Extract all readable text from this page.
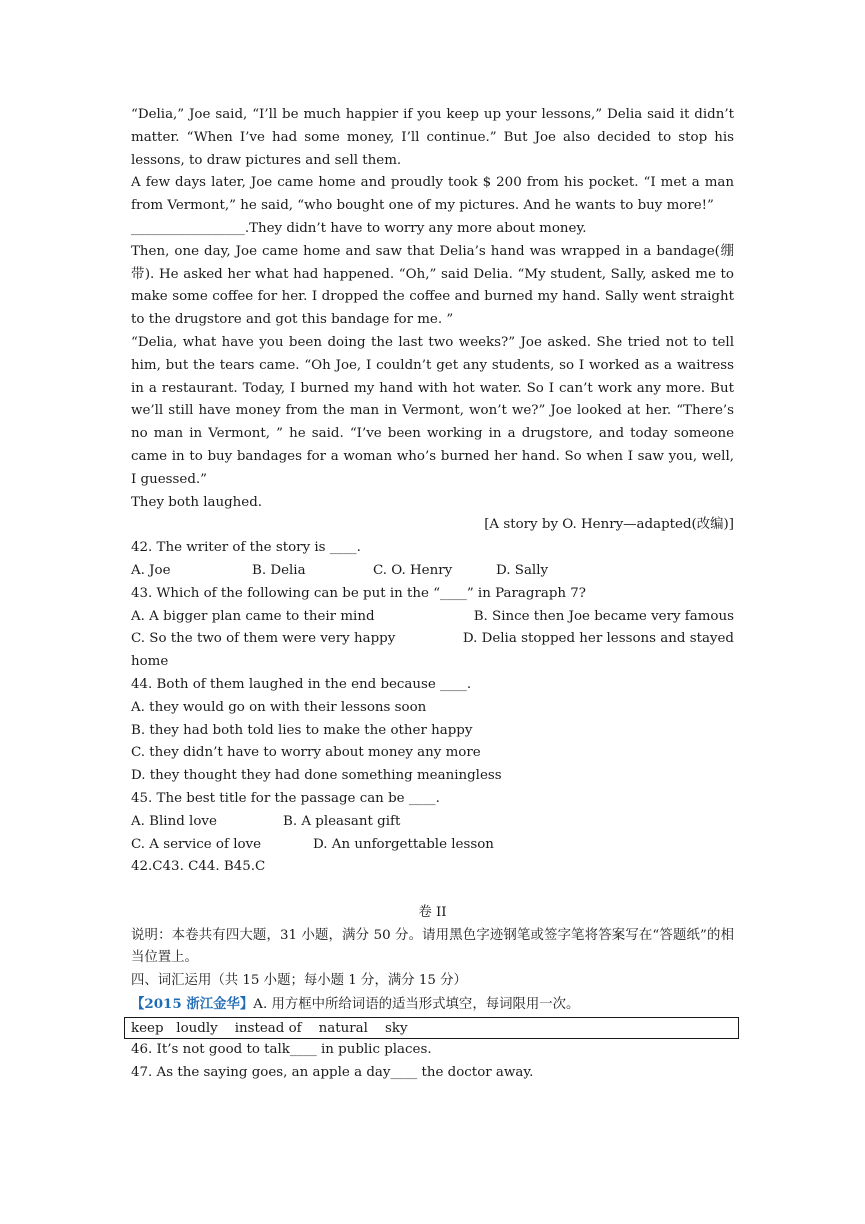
“Delia,” Joe said, “I’ll be much happier if you keep up your lessons,” Delia said it didn’t matter. “When I’ve had some money, I’ll continue.” But Joe also decided to stop his lessons, to draw pictures and sell them.

A few days later, Joe came home and proudly took $ 200 from his pocket. “I met a man from Vermont,” he said, “who bought one of my pictures. And he wants to buy more!”

_________________.They didn’t have to worry any more about money.

Then, one day, Joe came home and saw that Delia’s hand was wrapped in a bandage(绷带). He asked her what had happened. “Oh,” said Delia. “My student, Sally, asked me to make some coffee for her. I dropped the coffee and burned my hand. Sally went straight to the drugstore and got this bandage for me. ”

“Delia, what have you been doing the last two weeks?” Joe asked. She tried not to tell him, but the tears came. “Oh Joe, I couldn’t get any students, so I worked as a waitress in a restaurant. Today, I burned my hand with hot water. So I can’t work any more. But we’ll still have money from the man in Vermont, won’t we?” Joe looked at her. “There’s no man in Vermont, ” he said. “I’ve been working in a drugstore, and today someone came in to buy bandages for a woman who’s burned her hand. So when I saw you, well, I guessed.”

They both laughed.

[A story by O. Henry—adapted(改编)]

42. The writer of the story is ____.

A. Joe	B. Delia	C. O. Henry	D. Sally

43. Which of the following can be put in the “____” in Paragraph 7?

A. A bigger plan came to their mind	B. Since then Joe became very famous
C. So the two of them were very happy	D. Delia stopped her lessons and stayed

home

44. Both of them laughed in the end because ____.

A. they would go on with their lessons soon

B. they had both told lies to make the other happy

C. they didn’t have to worry about money any more

D. they thought they had done something meaningless

45. The best title for the passage can be ____.

A. Blind love	B. A pleasant gift
C. A service of love	D. An unforgettable lesson

42.C43. C44. B45.C

卷 II

说明：本卷共有四大题，31 小题，满分 50 分。请用黑色字迹钢笔或签字笔将答案写在“答题纸”的相当位置上。

四、词汇运用（共 15 小题；每小题 1 分，满分 15 分）

【2015 浙江金华】A. 用方框中所给词语的适当形式填空，每词限用一次。

keep   loudly    instead of    natural    sky

46. It’s not good to talk____ in public places.

47. As the saying goes, an apple a day____ the doctor away.
